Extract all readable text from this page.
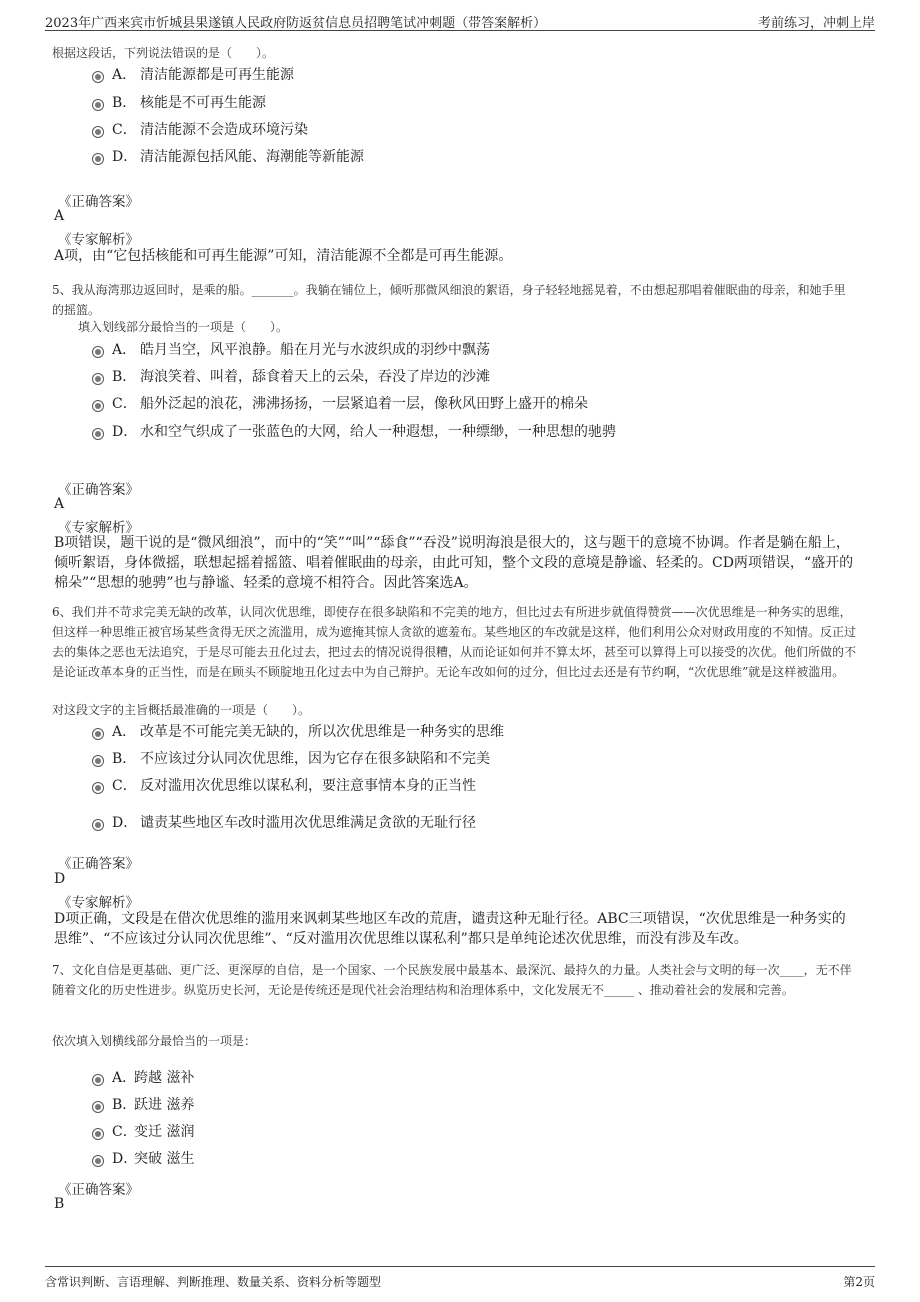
2023年广西来宾市忻城县果遂镇人民政府防返贫信息员招聘笔试冲刺题（带答案解析）	考前练习，冲刺上岸
根据这段话，下列说法错误的是（　　）。
A． 清洁能源都是可再生能源
B． 核能是不可再生能源
C． 清洁能源不会造成环境污染
D． 清洁能源包括风能、海潮能等新能源
《正确答案》
A
《专家解析》
A项，由“它包括核能和可再生能源”可知，清洁能源不全都是可再生能源。
5、我从海湾那边返回时，是乘的船。_______。我躺在铺位上，倾听那微风细浪的絮语，身子轻轻地摇晃着，不由想起那唱着催眠曲的母亲，和她手里的摇篮。
填入划线部分最恰当的一项是（　　）。
A． 皓月当空，风平浪静。船在月光与水波织成的羽纱中飘荡
B． 海浪笑着、叫着，舔食着天上的云朵，吞没了岸边的沙滩
C． 船外泛起的浪花，沸沸扬扬，一层紧追着一层，像秋风田野上盛开的棉朵
D． 水和空气织成了一张蓝色的大网，给人一种遐想，一种缥缈，一种思想的驰骋
《正确答案》
A
《专家解析》
B项错误，题干说的是“微风细浪”，而中的“笑”“叫”“舔食”“吞没”说明海浪是很大的，这与题干的意境不协调。作者是躺在船上，倾听絮语，身体微摇，联想起摇着摇篮、唱着催眠曲的母亲，由此可知，整个文段的意境是静谧、轻柔的。CD两项错误，“盛开的棉朵”“思想的驰骋”也与静谧、轻柔的意境不相符合。因此答案选A。
6、我们并不苛求完美无缺的改革，认同次优思维，即使存在很多缺陷和不完美的地方，但比过去有所进步就值得赞赏——次优思维是一种务实的思维，但这样一种思维正被官场某些贪得无厌之流滥用，成为遮掩其惊人贪欲的遮羞布。某些地区的车改就是这样，他们利用公众对财政用度的不知情。反正过去的集体之恶也无法追究，于是尽可能去丑化过去，把过去的情况说得很糟，从而论证如何并不算太坏，甚至可以算得上可以接受的次优。他们所做的不是论证改革本身的正当性，而是在顾头不顾腚地丑化过去中为自己辩护。无论车改如何的过分，但比过去还是有节约啊，“次优思维”就是这样被滥用。
对这段文字的主旨概括最准确的一项是（　　）。
A． 改革是不可能完美无缺的，所以次优思维是一种务实的思维
B． 不应该过分认同次优思维，因为它存在很多缺陷和不完美
C． 反对滥用次优思维以谋私利，要注意事情本身的正当性
D． 谴责某些地区车改时滥用次优思维满足贪欲的无耻行径
《正确答案》
D
《专家解析》
D项正确，文段是在借次优思维的滥用来讽刺某些地区车改的荒唐，谴责这种无耻行径。ABC三项错误，“次优思维是一种务实的思维”、“不应该过分认同次优思维”、“反对滥用次优思维以谋私利”都只是单纯论述次优思维，而没有涉及车改。
7、文化自信是更基础、更广泛、更深厚的自信，是一个国家、一个民族发展中最基本、最深沉、最持久的力量。人类社会与文明的每一次____，无不伴随着文化的历史性进步。纵览历史长河，无论是传统还是现代社会治理结构和治理体系中，文化发展无不_____ 、推动着社会的发展和完善。
依次填入划横线部分最恰当的一项是：
A．跨越 滋补
B．跃进 滋养
C．变迁 滋润
D．突破 滋生
《正确答案》
B
含常识判断、言语理解、判断推理、数量关系、资料分析等题型	第2页
